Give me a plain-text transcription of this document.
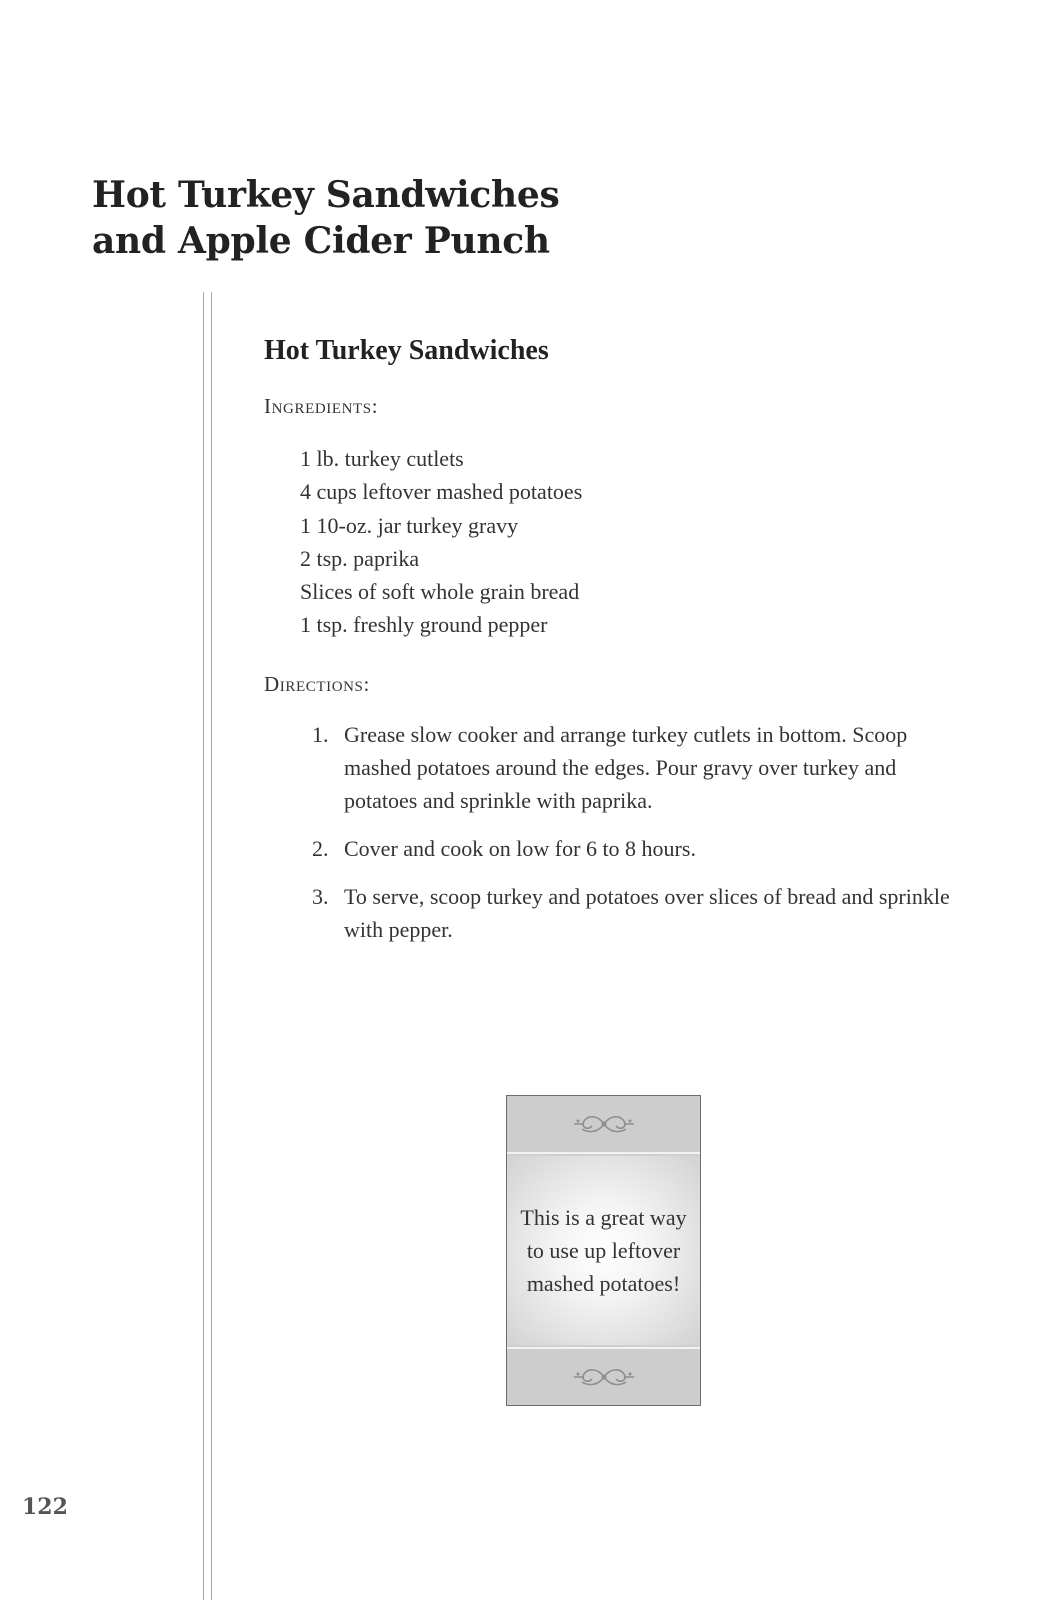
Hot Turkey Sandwiches
and Apple Cider Punch
Hot Turkey Sandwiches
Ingredients:
1 lb. turkey cutlets
4 cups leftover mashed potatoes
1 10-oz. jar turkey gravy
2 tsp. paprika
Slices of soft whole grain bread
1 tsp. freshly ground pepper
Directions:
1. Grease slow cooker and arrange turkey cutlets in bottom. Scoop mashed potatoes around the edges. Pour gravy over turkey and potatoes and sprinkle with paprika.
2. Cover and cook on low for 6 to 8 hours.
3. To serve, scoop turkey and potatoes over slices of bread and sprinkle with pepper.
This is a great way to use up leftover mashed potatoes!
122
